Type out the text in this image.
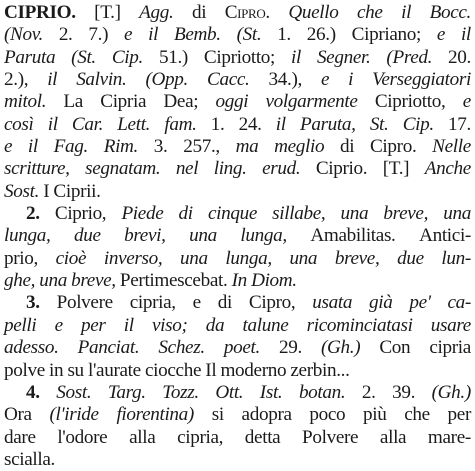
CIPRIO. [T.] Agg. di Cipro. Quello che il Bocc.
(Nov. 2. 7.) e il Bemb. (St. 1. 26.) Cipriano; e il
Paruta (St. Cip. 51.) Cipriotto; il Segner. (Pred. 20.
2.), il Salvin. (Opp. Cacc. 34.), e i Verseggiatori
mitol. La Cipria Dea; oggi volgarmente Cipriotto, e
così il Car. Lett. fam. 1. 24. il Paruta, St. Cip. 17.
e il Fag. Rim. 3. 257., ma meglio di Cipro. Nelle
scritture, segnatam. nel ling. erud. Ciprio. [T.] Anche
Sost. I Ciprii.
2. Ciprio, Piede di cinque sillabe, una breve, una
lunga, due brevi, una lunga, Amabilitas. Antici-
prio, cioè inverso, una lunga, una breve, due lun-
ghe, una breve, Pertimescebat. In Diom.
3. Polvere cipria, e di Cipro, usata già pe' ca-
pelli e per il viso; da talune ricominciatasi usare
adesso. Panciat. Schez. poet. 29. (Gh.) Con cipria
polve in su l'aurate ciocche Il moderno zerbin...
4. Sost. Targ. Tozz. Ott. Ist. botan. 2. 39. (Gh.)
Ora (l'iride fiorentina) si adopra poco più che per
dare l'odore alla cipria, detta Polvere alla mare-
scialla.
